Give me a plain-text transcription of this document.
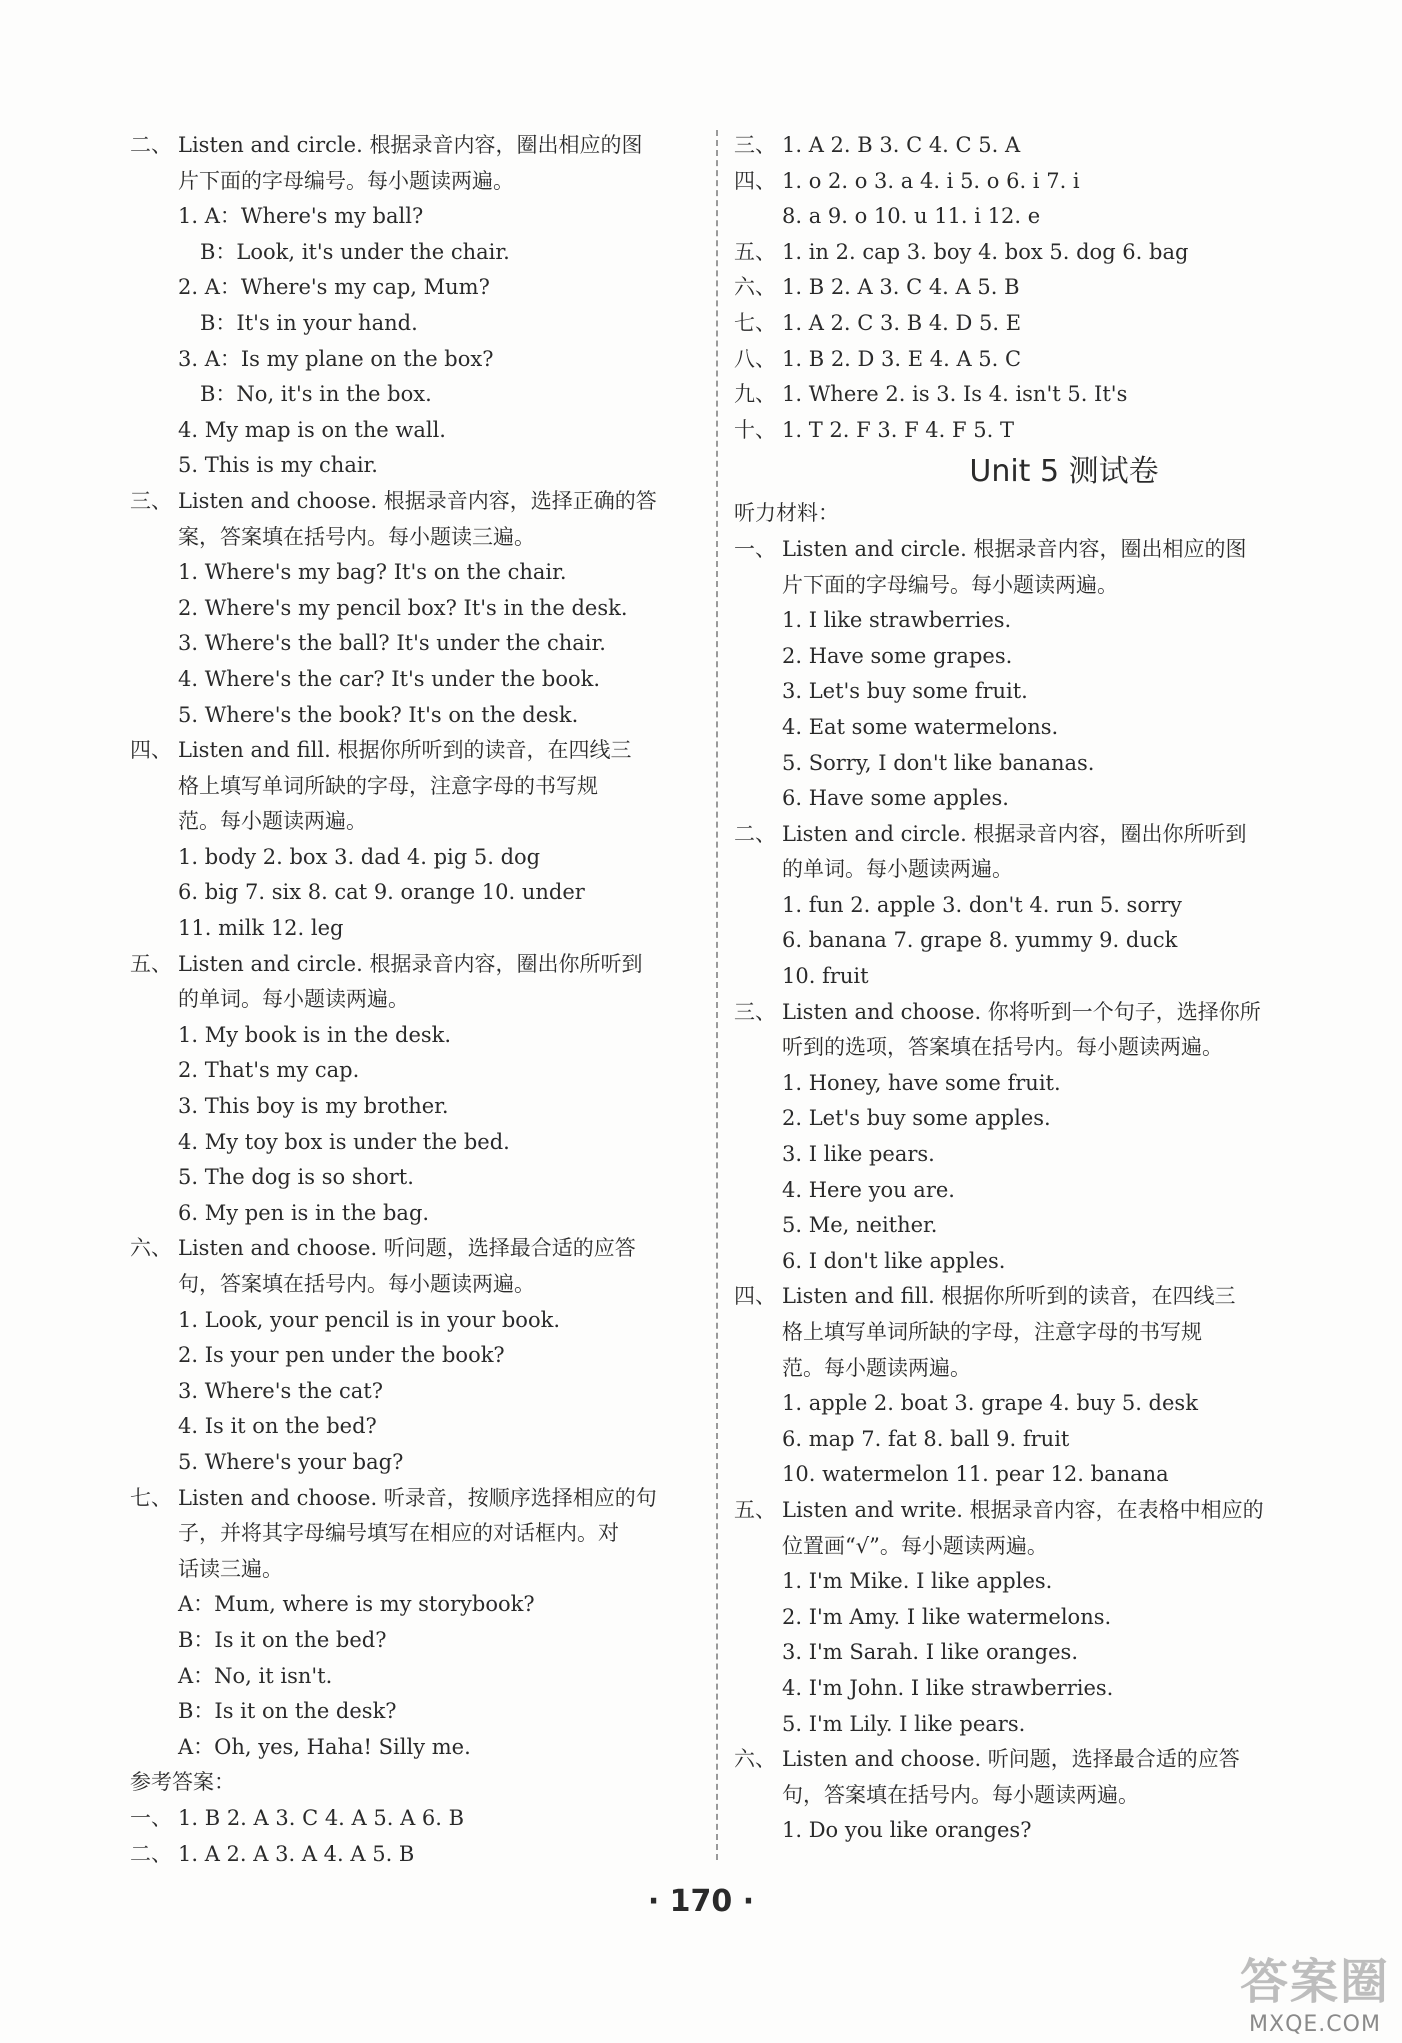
二、 Listen and circle. 根据录音内容，圈出相应的图
片下面的字母编号。每小题读两遍。
1. A：Where's my ball?
B：Look, it's under the chair.
2. A：Where's my cap, Mum?
B：It's in your hand.
3. A：Is my plane on the box?
B：No, it's in the box.
4. My map is on the wall.
5. This is my chair.
三、 Listen and choose. 根据录音内容，选择正确的答
案，答案填在括号内。每小题读三遍。
1. Where's my bag? It's on the chair.
2. Where's my pencil box? It's in the desk.
3. Where's the ball? It's under the chair.
4. Where's the car? It's under the book.
5. Where's the book? It's on the desk.
四、 Listen and fill. 根据你所听到的读音，在四线三
格上填写单词所缺的字母，注意字母的书写规
范。每小题读两遍。
1. body 2. box 3. dad 4. pig 5. dog
6. big 7. six 8. cat 9. orange 10. under
11. milk 12. leg
五、 Listen and circle. 根据录音内容，圈出你所听到
的单词。每小题读两遍。
1. My book is in the desk.
2. That's my cap.
3. This boy is my brother.
4. My toy box is under the bed.
5. The dog is so short.
6. My pen is in the bag.
六、 Listen and choose. 听问题，选择最合适的应答
句，答案填在括号内。每小题读两遍。
1. Look, your pencil is in your book.
2. Is your pen under the book?
3. Where's the cat?
4. Is it on the bed?
5. Where's your bag?
七、 Listen and choose. 听录音，按顺序选择相应的句
子，并将其字母编号填写在相应的对话框内。对
话读三遍。
A：Mum, where is my storybook?
B：Is it on the bed?
A：No, it isn't.
B：Is it on the desk?
A：Oh, yes, Haha! Silly me.
参考答案：
一、 1. B 2. A 3. C 4. A 5. A 6. B
二、 1. A 2. A 3. A 4. A 5. B
三、 1. A 2. B 3. C 4. C 5. A
四、 1. o 2. o 3. a 4. i 5. o 6. i 7. i
8. a 9. o 10. u 11. i 12. e
五、 1. in 2. cap 3. boy 4. box 5. dog 6. bag
六、 1. B 2. A 3. C 4. A 5. B
七、 1. A 2. C 3. B 4. D 5. E
八、 1. B 2. D 3. E 4. A 5. C
九、 1. Where 2. is 3. Is 4. isn't 5. It's
十、 1. T 2. F 3. F 4. F 5. T
Unit 5 测试卷
听力材料：
一、 Listen and circle. 根据录音内容，圈出相应的图
片下面的字母编号。每小题读两遍。
1. I like strawberries.
2. Have some grapes.
3. Let's buy some fruit.
4. Eat some watermelons.
5. Sorry, I don't like bananas.
6. Have some apples.
二、 Listen and circle. 根据录音内容，圈出你所听到
的单词。每小题读两遍。
1. fun 2. apple 3. don't 4. run 5. sorry
6. banana 7. grape 8. yummy 9. duck
10. fruit
三、 Listen and choose. 你将听到一个句子，选择你所
听到的选项，答案填在括号内。每小题读两遍。
1. Honey, have some fruit.
2. Let's buy some apples.
3. I like pears.
4. Here you are.
5. Me, neither.
6. I don't like apples.
四、 Listen and fill. 根据你所听到的读音，在四线三
格上填写单词所缺的字母，注意字母的书写规
范。每小题读两遍。
1. apple 2. boat 3. grape 4. buy 5. desk
6. map 7. fat 8. ball 9. fruit
10. watermelon 11. pear 12. banana
五、 Listen and write. 根据录音内容，在表格中相应的
位置画“√”。每小题读两遍。
1. I'm Mike. I like apples.
2. I'm Amy. I like watermelons.
3. I'm Sarah. I like oranges.
4. I'm John. I like strawberries.
5. I'm Lily. I like pears.
六、 Listen and choose. 听问题，选择最合适的应答
句，答案填在括号内。每小题读两遍。
1. Do you like oranges?
· 170 ·
答案圈
MXQE.COM
